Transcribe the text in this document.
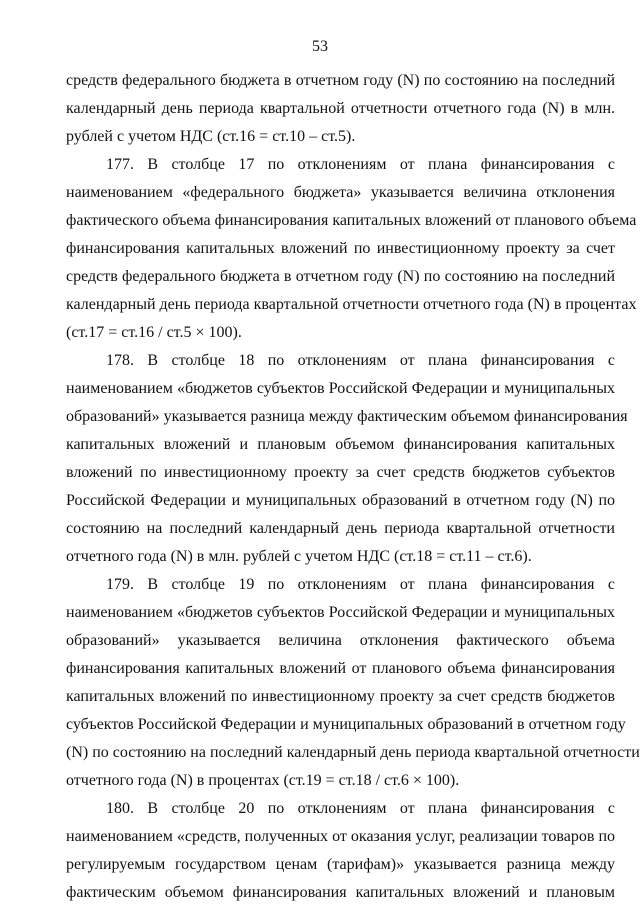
53
средств федерального бюджета в отчетном году (N) по состоянию на последний
календарный день периода квартальной отчетности отчетного года (N) в млн.
рублей с учетом НДС (ст.16 = ст.10 – ст.5).
177. В столбце 17 по отклонениям от плана финансирования с
наименованием «федерального бюджета» указывается величина отклонения
фактического объема финансирования капитальных вложений от планового объема
финансирования капитальных вложений по инвестиционному проекту за счет
средств федерального бюджета в отчетном году (N) по состоянию на последний
календарный день периода квартальной отчетности отчетного года (N) в процентах
(ст.17 = ст.16 / ст.5 × 100).
178. В столбце 18 по отклонениям от плана финансирования с
наименованием «бюджетов субъектов Российской Федерации и муниципальных
образований» указывается разница между фактическим объемом финансирования
капитальных вложений и плановым объемом финансирования капитальных
вложений по инвестиционному проекту за счет средств бюджетов субъектов
Российской Федерации и муниципальных образований в отчетном году (N) по
состоянию на последний календарный день периода квартальной отчетности
отчетного года (N) в млн. рублей с учетом НДС (ст.18 = ст.11 – ст.6).
179. В столбце 19 по отклонениям от плана финансирования с
наименованием «бюджетов субъектов Российской Федерации и муниципальных
образований» указывается величина отклонения фактического объема
финансирования капитальных вложений от планового объема финансирования
капитальных вложений по инвестиционному проекту за счет средств бюджетов
субъектов Российской Федерации и муниципальных образований в отчетном году
(N) по состоянию на последний календарный день периода квартальной отчетности
отчетного года (N) в процентах (ст.19 = ст.18 / ст.6 × 100).
180. В столбце 20 по отклонениям от плана финансирования с
наименованием «средств, полученных от оказания услуг, реализации товаров по
регулируемым государством ценам (тарифам)» указывается разница между
фактическим объемом финансирования капитальных вложений и плановым
